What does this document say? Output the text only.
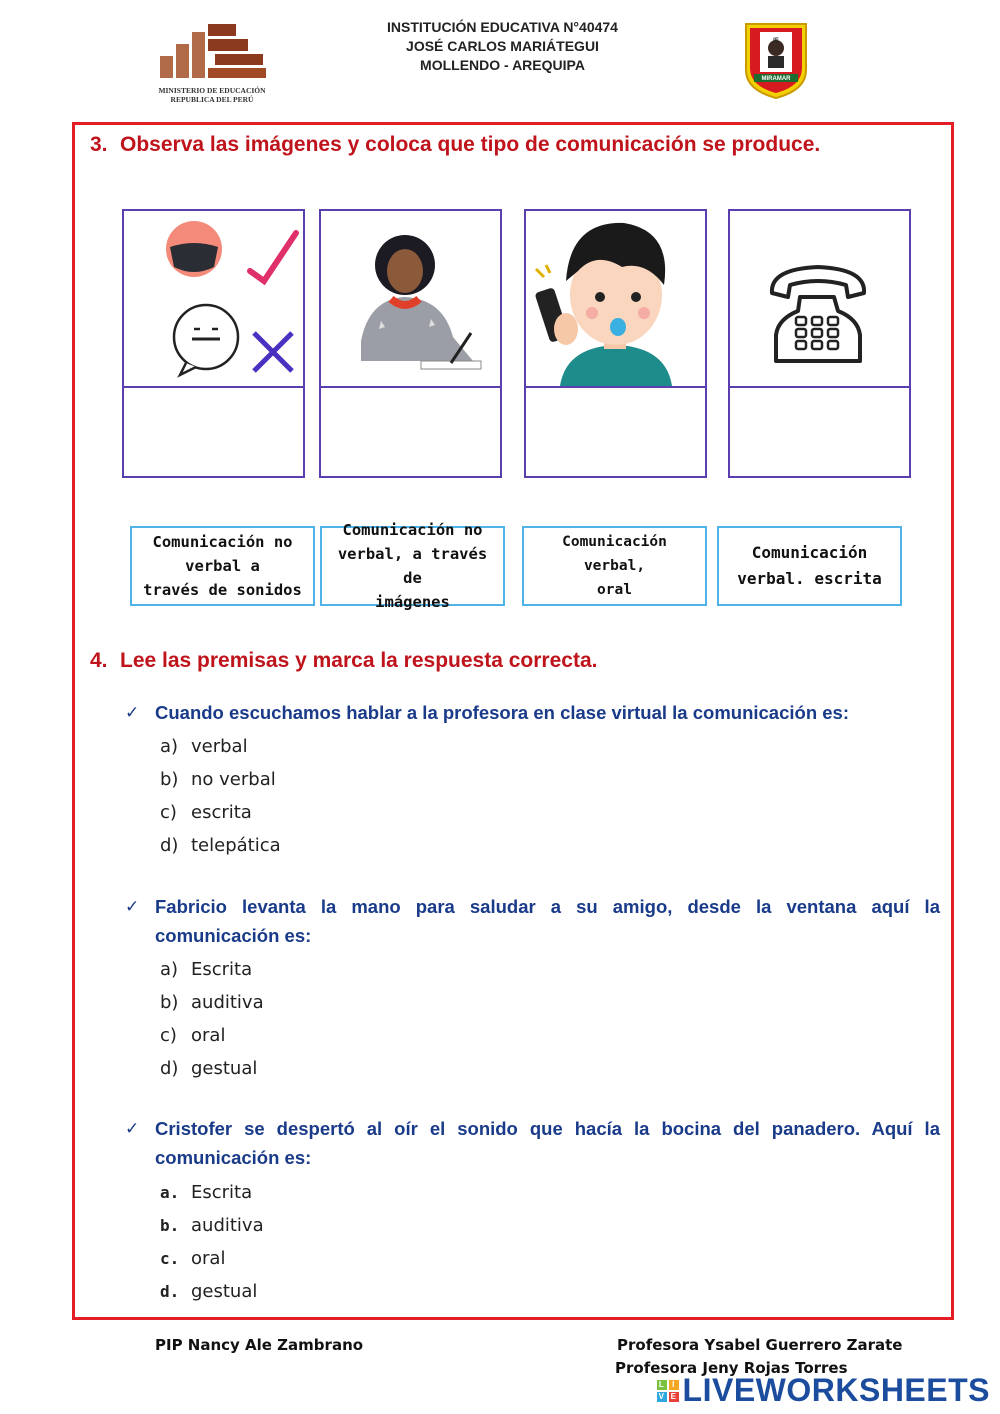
MINISTERIO DE EDUCACIÓN
REPUBLICA DEL PERÚ
INSTITUCIÓN EDUCATIVA N°40474
JOSÉ CARLOS MARIÁTEGUI
MOLLENDO - AREQUIPA
IE
MIRAMAR
3. Observa las imágenes y coloca que tipo de comunicación se produce.
Comunicación no
verbal a
través de sonidos
Comunicación no
verbal, a través de
imágenes
Comunicación verbal,
oral
Comunicación
verbal. escrita
4. Lee las premisas y marca la respuesta correcta.
✓ Cuando escuchamos hablar a la profesora en clase virtual la comunicación es:
a) verbal
b) no verbal
c) escrita
d) telepática
✓ Fabricio levanta la mano para saludar a su amigo, desde la ventana aquí la comunicación es:
a) Escrita
b) auditiva
c) oral
d) gestual
✓ Cristofer se despertó al oír el sonido que hacía la bocina del panadero. Aquí la comunicación es:
a. Escrita
b. auditiva
c. oral
d. gestual
PIP Nancy Ale Zambrano	Profesora Ysabel Guerrero Zarate
Profesora Jeny Rojas Torres
L I
V E LIVEWORKSHEETS
